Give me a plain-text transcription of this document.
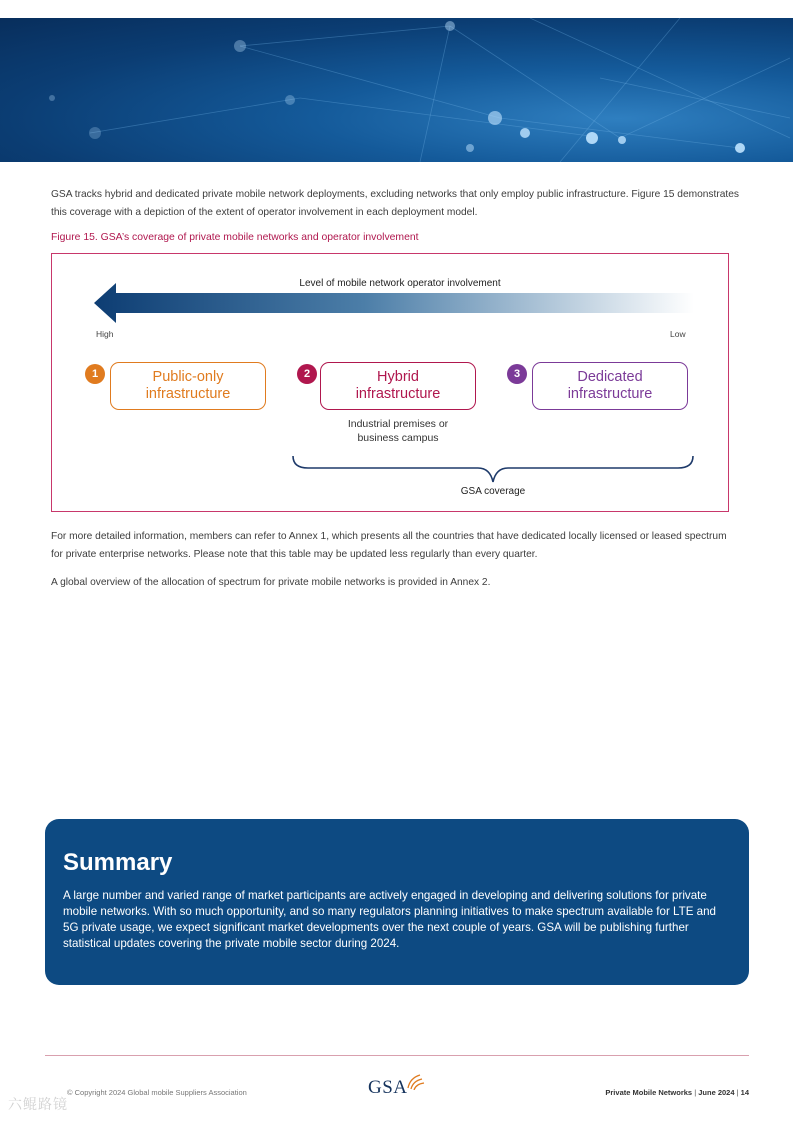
GSA tracks hybrid and dedicated private mobile network deployments, excluding networks that only employ public infrastructure. Figure 15 demonstrates this coverage with a depiction of the extent of operator involvement in each deployment model.

Figure 15. GSA’s coverage of private mobile networks and operator involvement
Level of mobile network operator involvement
High	Low
1	Public-only
infrastructure
2	Hybrid
infrastructure
3	Dedicated
infrastructure
Industrial premises or
business campus
GSA coverage

For more detailed information, members can refer to Annex 1, which presents all the countries that have dedicated locally licensed or leased spectrum for private enterprise networks. Please note that this table may be updated less regularly than every quarter.

A global overview of the allocation of spectrum for private mobile networks is provided in Annex 2.

Summary

A large number and varied range of market participants are actively engaged in developing and delivering solutions for private mobile networks. With so much opportunity, and so many regulators planning initiatives to make spectrum available for LTE and 5G private usage, we expect significant market developments over the next couple of years. GSA will be publishing further statistical updates covering the private mobile sector during 2024.

© Copyright 2024 Global mobile Suppliers Association	GSA	Private Mobile Networks | June 2024 | 14
六鲲路镜
